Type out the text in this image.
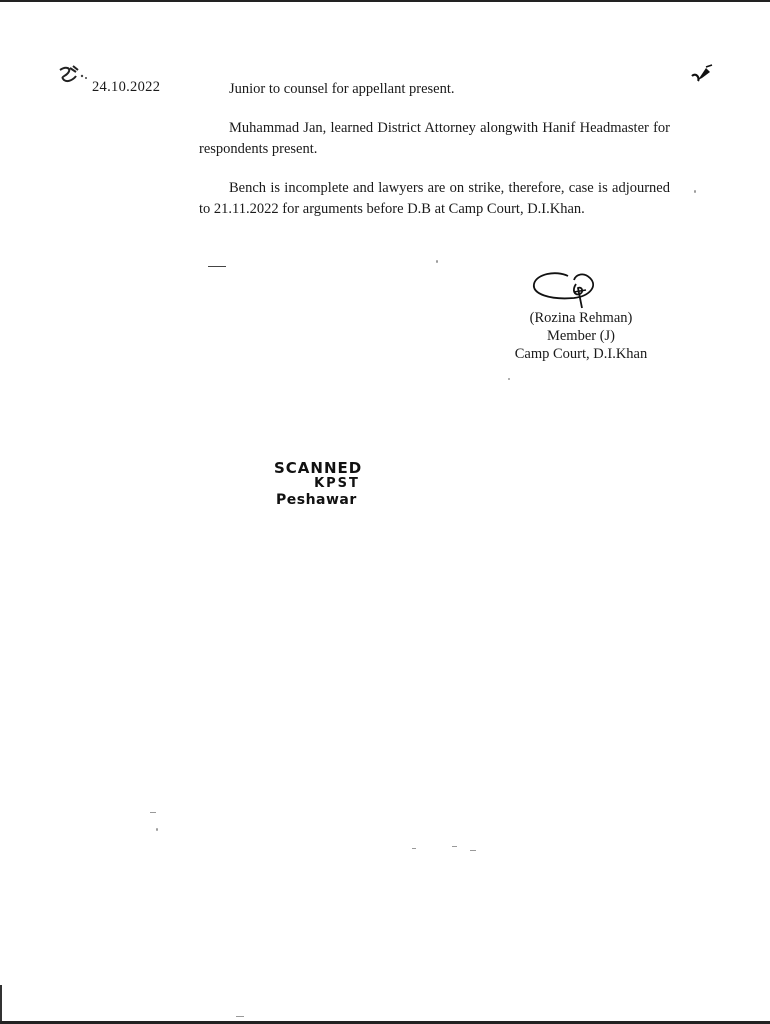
24.10.2022	Junior to counsel for appellant present.

Muhammad Jan, learned District Attorney alongwith Hanif Headmaster for respondents present.

Bench is incomplete and lawyers are on strike, therefore, case is adjourned to 21.11.2022 for arguments before D.B at Camp Court, D.I.Khan.

(Rozina Rehman)
Member (J)
Camp Court, D.I.Khan
SCANNED
KPST
Peshawar
